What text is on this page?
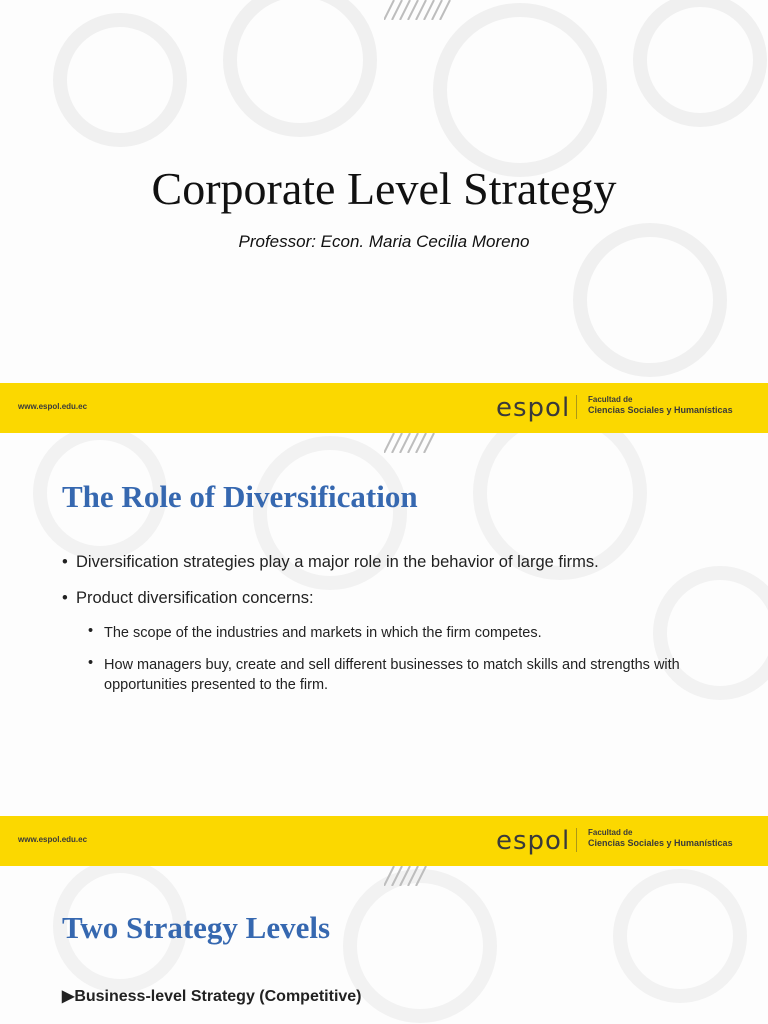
Corporate Level Strategy
Professor: Econ. Maria Cecilia Moreno
www.espol.edu.ec	espol Facultad de
Ciencias Sociales y Humanísticas
The Role of Diversification
• Diversification strategies play a major role in the behavior of large firms.
• Product diversification concerns:
• The scope of the industries and markets in which the firm competes.
• How managers buy, create and sell different businesses to match skills and strengths with opportunities presented to the firm.
www.espol.edu.ec	espol Facultad de
Ciencias Sociales y Humanísticas
Two Strategy Levels
▶Business-level Strategy (Competitive)
